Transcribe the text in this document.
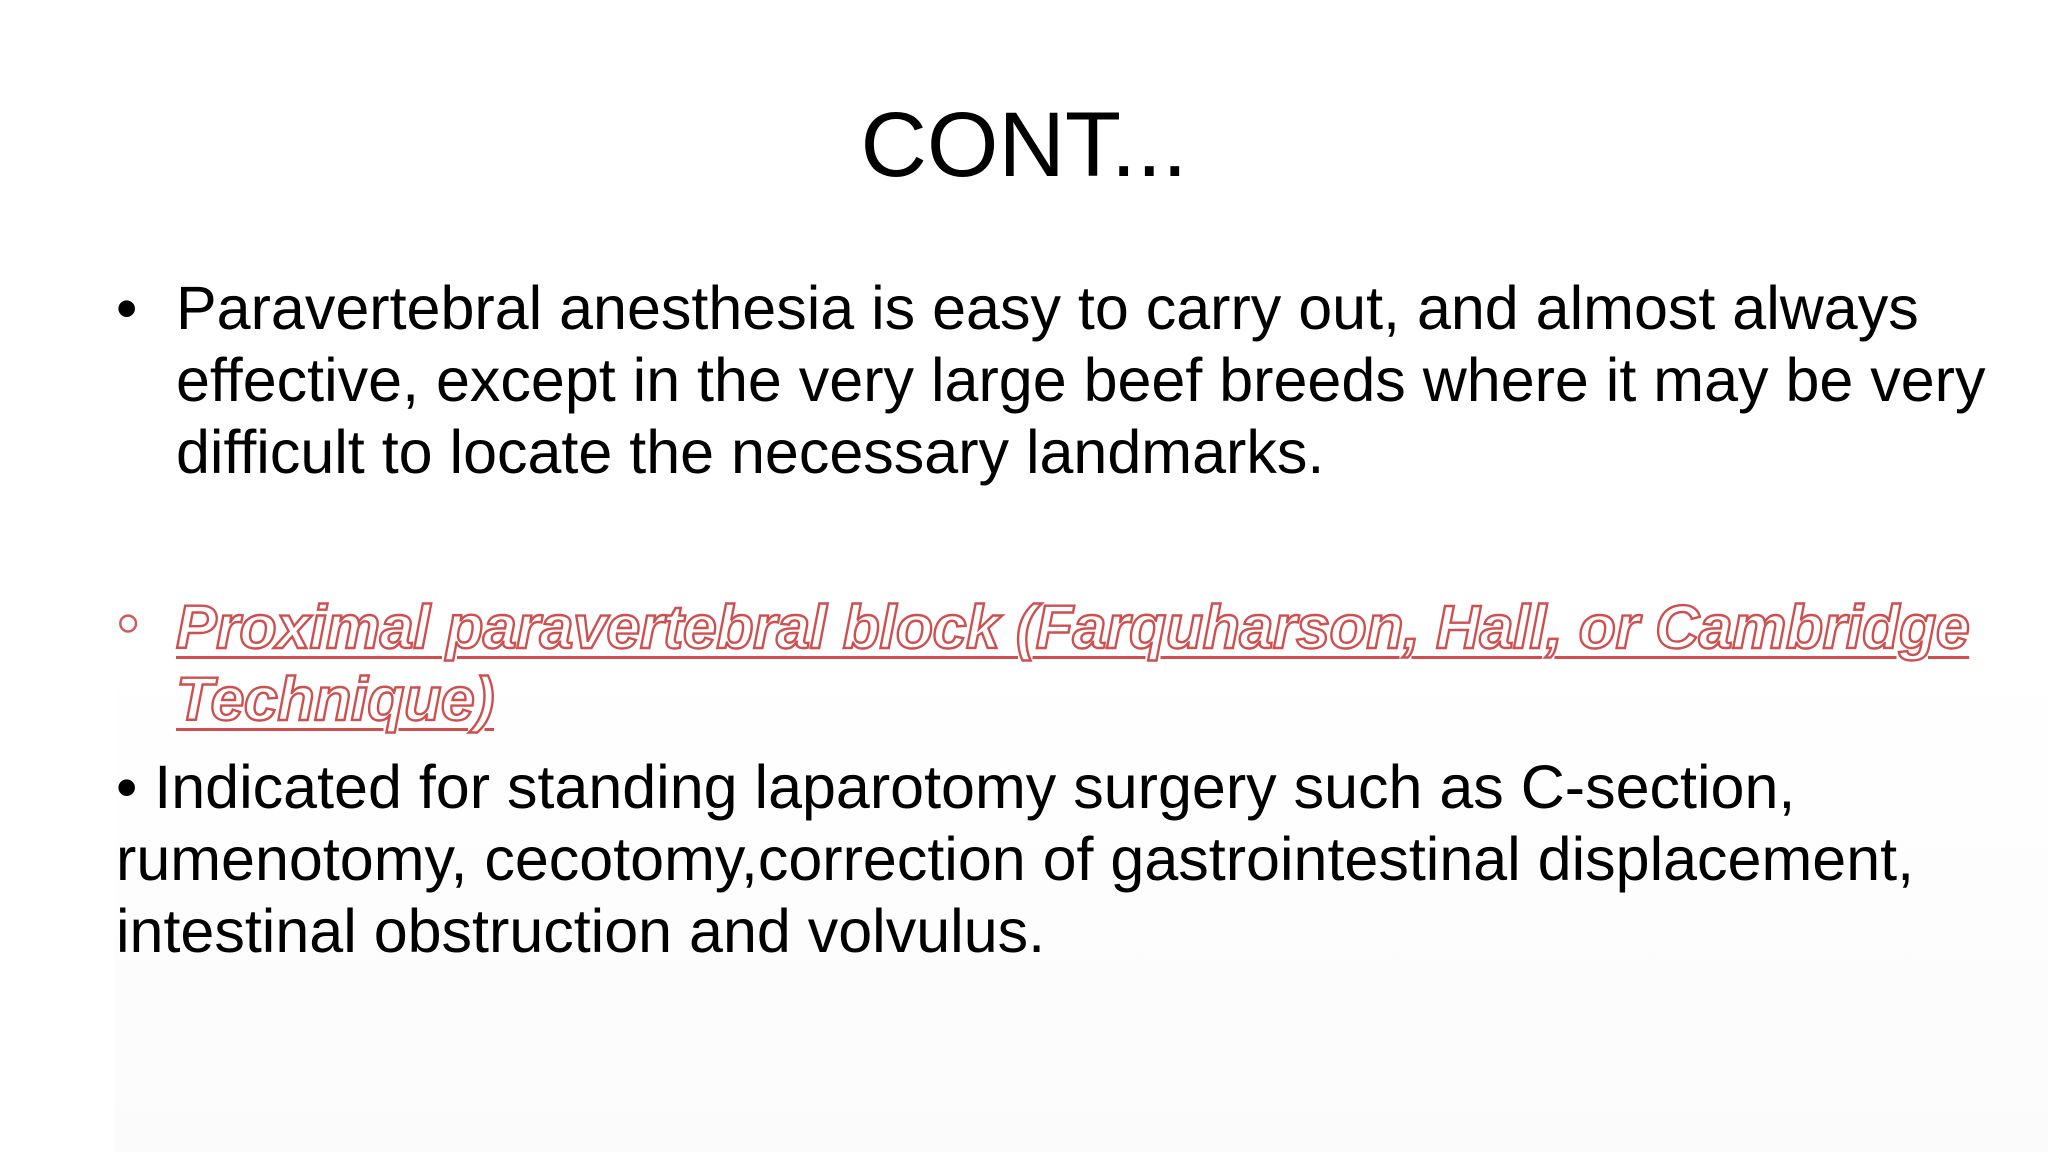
CONT...
• Paravertebral anesthesia is easy to carry out, and almost always effective, except in the very large beef breeds where it may be very difficult to locate the necessary landmarks.
• Proximal paravertebral block (Farquharson, Hall, or Cambridge Technique)
• Indicated for standing laparotomy surgery such as C-section, rumenotomy, cecotomy,correction of gastrointestinal displacement, intestinal obstruction and volvulus.
